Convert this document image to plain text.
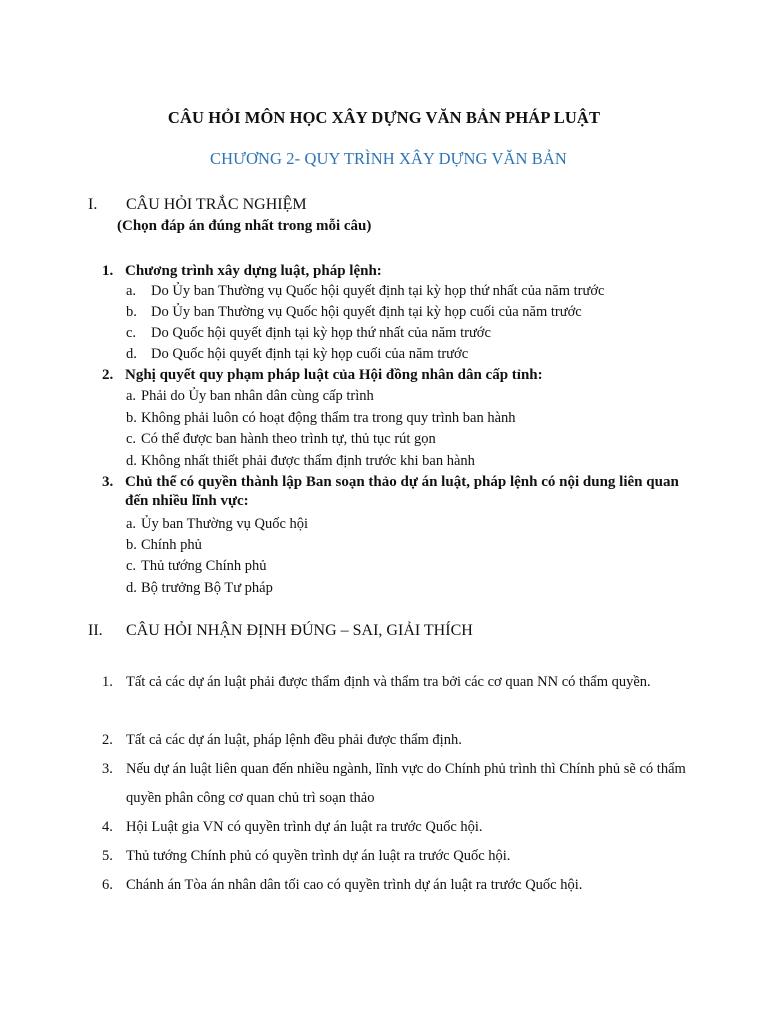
CÂU HỎI MÔN HỌC XÂY DỰNG VĂN BẢN PHÁP LUẬT
CHƯƠNG 2- QUY TRÌNH XÂY DỰNG VĂN BẢN
I. CÂU HỎI TRẮC NGHIỆM
(Chọn đáp án đúng nhất trong mỗi câu)
1. Chương trình xây dựng luật, pháp lệnh:
a. Do Ủy ban Thường vụ Quốc hội quyết định tại kỳ họp thứ nhất của năm trước
b. Do Ủy ban Thường vụ Quốc hội quyết định tại kỳ họp cuối của năm trước
c. Do Quốc hội quyết định tại kỳ họp thứ nhất của năm trước
d. Do Quốc hội quyết định tại kỳ họp cuối của năm trước
2. Nghị quyết quy phạm pháp luật của Hội đồng nhân dân cấp tỉnh:
a. Phải do Ủy ban nhân dân cùng cấp trình
b. Không phải luôn có hoạt động thẩm tra trong quy trình ban hành
c. Có thể được ban hành theo trình tự, thủ tục rút gọn
d. Không nhất thiết phải được thẩm định trước khi ban hành
3. Chủ thể có quyền thành lập Ban soạn thảo dự án luật, pháp lệnh có nội dung liên quan đến nhiều lĩnh vực:
a. Ủy ban Thường vụ Quốc hội
b. Chính phủ
c. Thủ tướng Chính phủ
d. Bộ trưởng Bộ Tư pháp
II. CÂU HỎI NHẬN ĐỊNH ĐÚNG – SAI, GIẢI THÍCH
1. Tất cả các dự án luật phải được thẩm định và thẩm tra bởi các cơ quan NN có thẩm quyền.
2. Tất cả các dự án luật, pháp lệnh đều phải được thẩm định.
3. Nếu dự án luật liên quan đến nhiều ngành, lĩnh vực do Chính phủ trình thì Chính phủ sẽ có thẩm quyền phân công cơ quan chủ trì soạn thảo
4. Hội Luật gia VN có quyền trình dự án luật ra trước Quốc hội.
5. Thủ tướng Chính phủ có quyền trình dự án luật ra trước Quốc hội.
6. Chánh án Tòa án nhân dân tối cao có quyền trình dự án luật ra trước Quốc hội.
